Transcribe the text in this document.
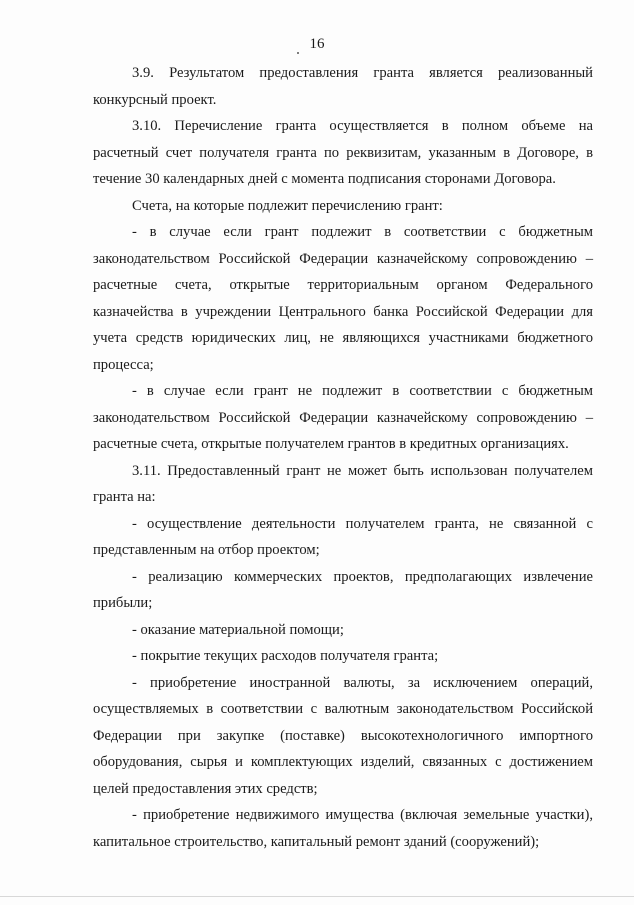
16

3.9. Результатом предоставления гранта является реализованный конкурсный проект.

3.10. Перечисление гранта осуществляется в полном объеме на расчетный счет получателя гранта по реквизитам, указанным в Договоре, в течение 30 календарных дней с момента подписания сторонами Договора.

Счета, на которые подлежит перечислению грант:

- в случае если грант подлежит в соответствии с бюджетным законодательством Российской Федерации казначейскому сопровождению – расчетные счета, открытые территориальным органом Федерального казначейства в учреждении Центрального банка Российской Федерации для учета средств юридических лиц, не являющихся участниками бюджетного процесса;

- в случае если грант не подлежит в соответствии с бюджетным законодательством Российской Федерации казначейскому сопровождению – расчетные счета, открытые получателем грантов в кредитных организациях.

3.11. Предоставленный грант не может быть использован получателем гранта на:

- осуществление деятельности получателем гранта, не связанной с представленным на отбор проектом;

- реализацию коммерческих проектов, предполагающих извлечение прибыли;

- оказание материальной помощи;

- покрытие текущих расходов получателя гранта;

- приобретение иностранной валюты, за исключением операций, осуществляемых в соответствии с валютным законодательством Российской Федерации при закупке (поставке) высокотехнологичного импортного оборудования, сырья и комплектующих изделий, связанных с достижением целей предоставления этих средств;

- приобретение недвижимого имущества (включая земельные участки), капитальное строительство, капитальный ремонт зданий (сооружений);
